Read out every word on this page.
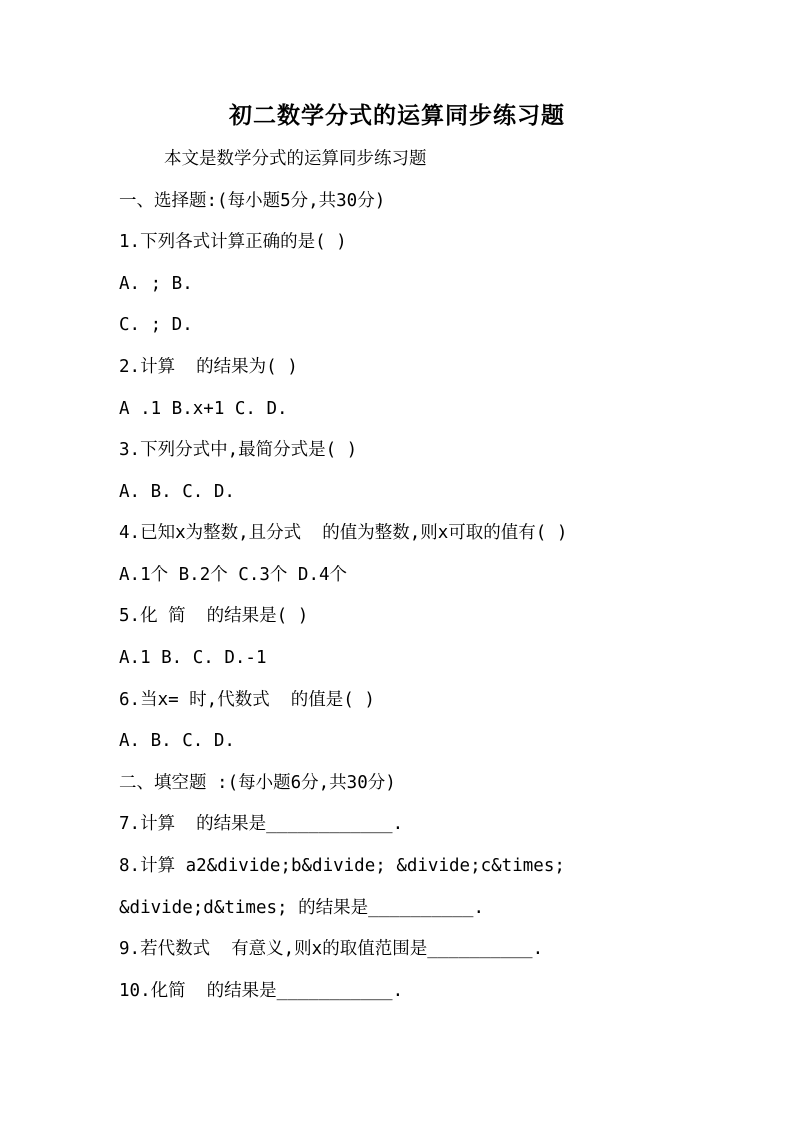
初二数学分式的运算同步练习题
本文是数学分式的运算同步练习题
一、选择题:(每小题5分,共30分)
1.下列各式计算正确的是( )
A. ; B.
C. ; D.
2.计算  的结果为( )
A .1 B.x+1 C. D.
3.下列分式中,最简分式是( )
A. B. C. D.
4.已知x为整数,且分式  的值为整数,则x可取的值有( )
A.1个 B.2个 C.3个 D.4个
5.化 简  的结果是( )
A.1 B. C. D.-1
6.当x= 时,代数式  的值是( )
A. B. C. D.
二、填空题 :(每小题6分,共30分)
7.计算  的结果是____________.
8.计算 a2&divide;b&divide; &divide;c&times;
&divide;d&times; 的结果是__________.
9.若代数式  有意义,则x的取值范围是__________.
10.化简  的结果是___________.
